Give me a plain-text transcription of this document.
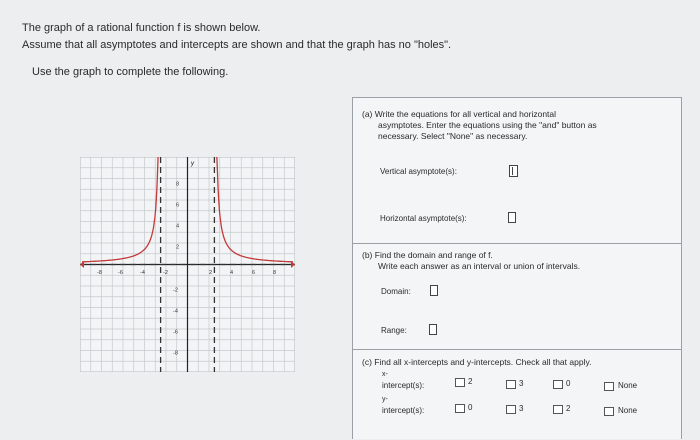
The graph of a rational function f is shown below.
Assume that all asymptotes and intercepts are shown and that the graph has no "holes".
Use the graph to complete the following.
y
8
6
4
2
-2
-4
-6
-8
-8	-6	-4	-2	2	4	6	8
(a) Write the equations for all vertical and horizontal
asymptotes. Enter the equations using the "and" button as
necessary. Select "None" as necessary.
Vertical asymptote(s):
Horizontal asymptote(s):
(b) Find the domain and range of f.
Write each answer as an interval or union of intervals.
Domain:
Range:
(c) Find all x-intercepts and y-intercepts. Check all that apply.
x-
intercept(s):	2	3	0	None
y-
intercept(s):	0	3	2	None
